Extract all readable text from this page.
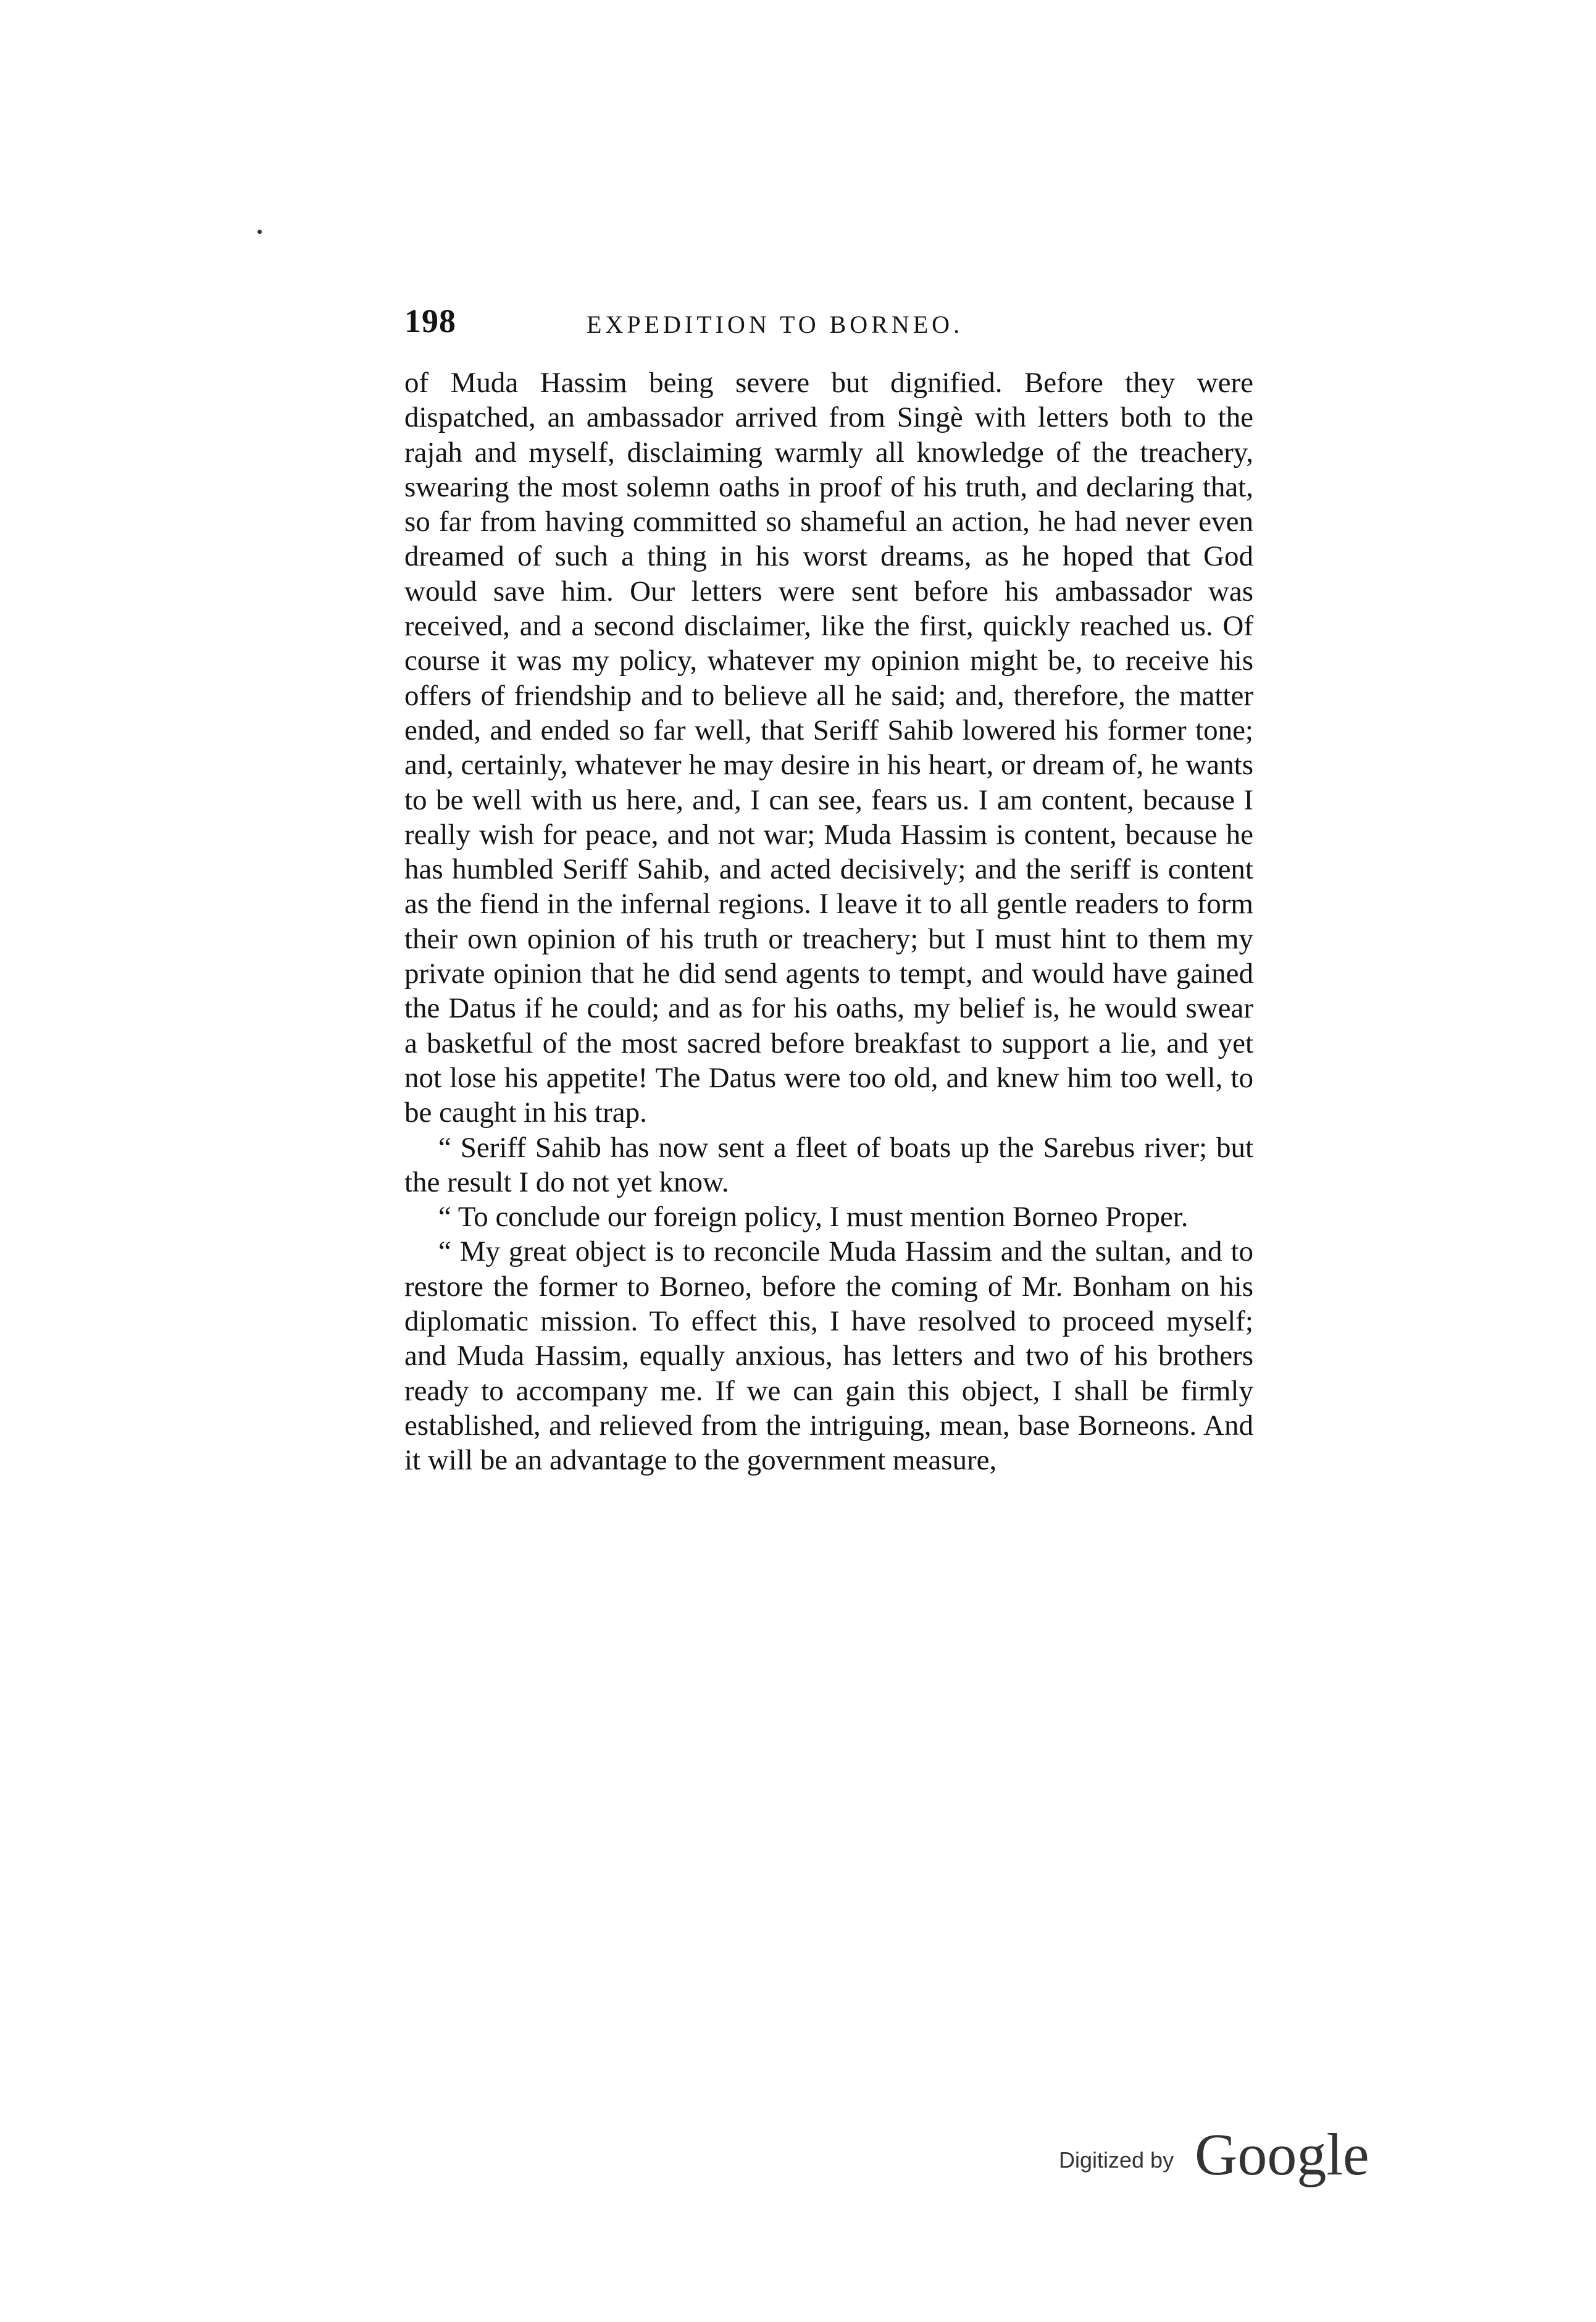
198	EXPEDITION TO BORNEO.

of Muda Hassim being severe but dignified. Before they were dispatched, an ambassador arrived from Singè with letters both to the rajah and myself, disclaiming warmly all knowledge of the treachery, swearing the most solemn oaths in proof of his truth, and declaring that, so far from having committed so shameful an action, he had never even dreamed of such a thing in his worst dreams, as he hoped that God would save him. Our letters were sent before his ambassador was received, and a second disclaimer, like the first, quickly reached us. Of course it was my policy, whatever my opinion might be, to receive his offers of friendship and to believe all he said; and, therefore, the matter ended, and ended so far well, that Seriff Sahib lowered his former tone; and, certainly, whatever he may desire in his heart, or dream of, he wants to be well with us here, and, I can see, fears us. I am content, because I really wish for peace, and not war; Muda Hassim is content, because he has humbled Seriff Sahib, and acted decisively; and the seriff is content as the fiend in the infernal regions. I leave it to all gentle readers to form their own opinion of his truth or treachery; but I must hint to them my private opinion that he did send agents to tempt, and would have gained the Datus if he could; and as for his oaths, my belief is, he would swear a basketful of the most sacred before breakfast to support a lie, and yet not lose his appetite! The Datus were too old, and knew him too well, to be caught in his trap.

“ Seriff Sahib has now sent a fleet of boats up the Sarebus river; but the result I do not yet know.

“ To conclude our foreign policy, I must mention Borneo Proper.

“ My great object is to reconcile Muda Hassim and the sultan, and to restore the former to Borneo, before the coming of Mr. Bonham on his diplomatic mission. To effect this, I have resolved to proceed myself; and Muda Hassim, equally anxious, has letters and two of his brothers ready to accompany me. If we can gain this object, I shall be firmly established, and relieved from the intriguing, mean, base Borneons. And it will be an advantage to the government measure,

Digitized by Google
